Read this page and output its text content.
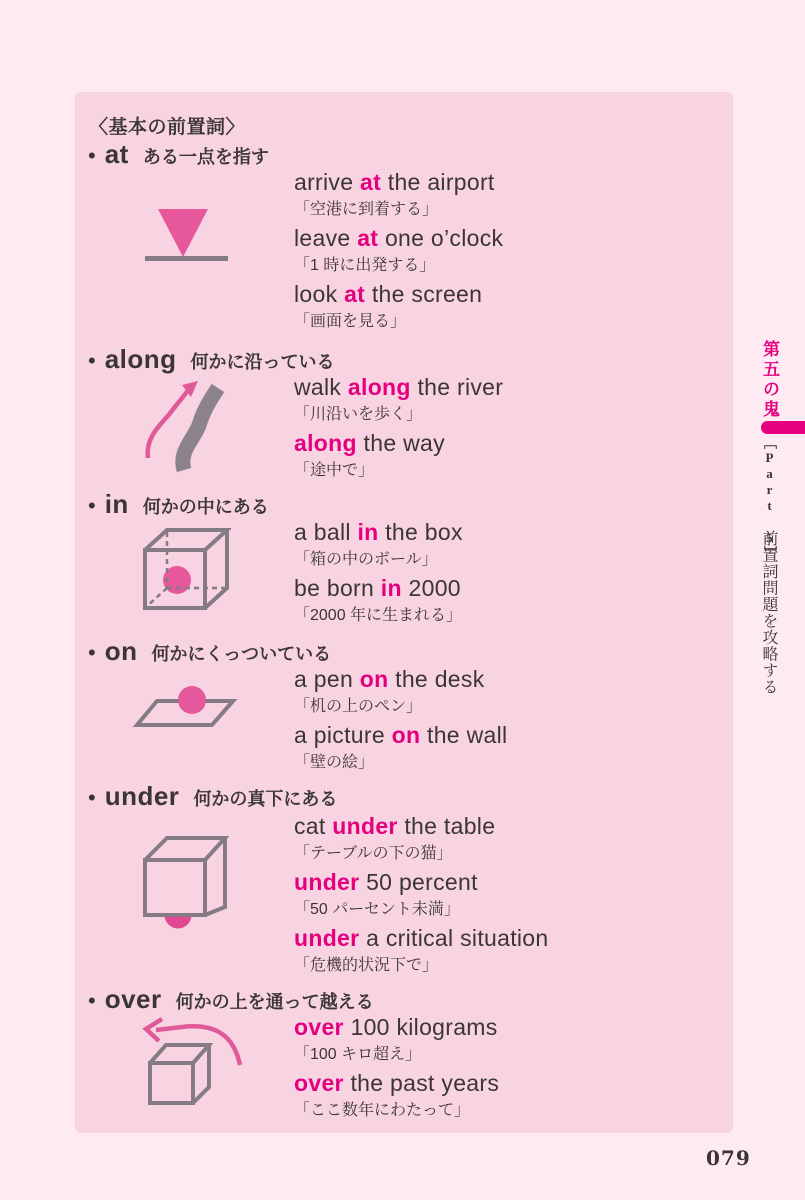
〈基本の前置詞〉
• at ある一点を指す
arrive at the airport
「空港に到着する」
leave at one o’clock
「1 時に出発する」
look at the screen
「画面を見る」
• along 何かに沿っている
walk along the river
「川沿いを歩く」
along the way
「途中で」
• in 何かの中にある
a ball in the box
「箱の中のボール」
be born in 2000
「2000 年に生まれる」
• on 何かにくっついている
a pen on the desk
「机の上のペン」
a picture on the wall
「壁の絵」
• under 何かの真下にある
cat under the table
「テーブルの下の猫」
under 50 percent
「50 パーセント未満」
under a critical situation
「危機的状況下で」
• over 何かの上を通って越える
over 100 kilograms
「100 キロ超え」
over the past years
「ここ数年にわたって」
第五の鬼
﹇Part 5﹈
前置詞問題を攻略する
079
